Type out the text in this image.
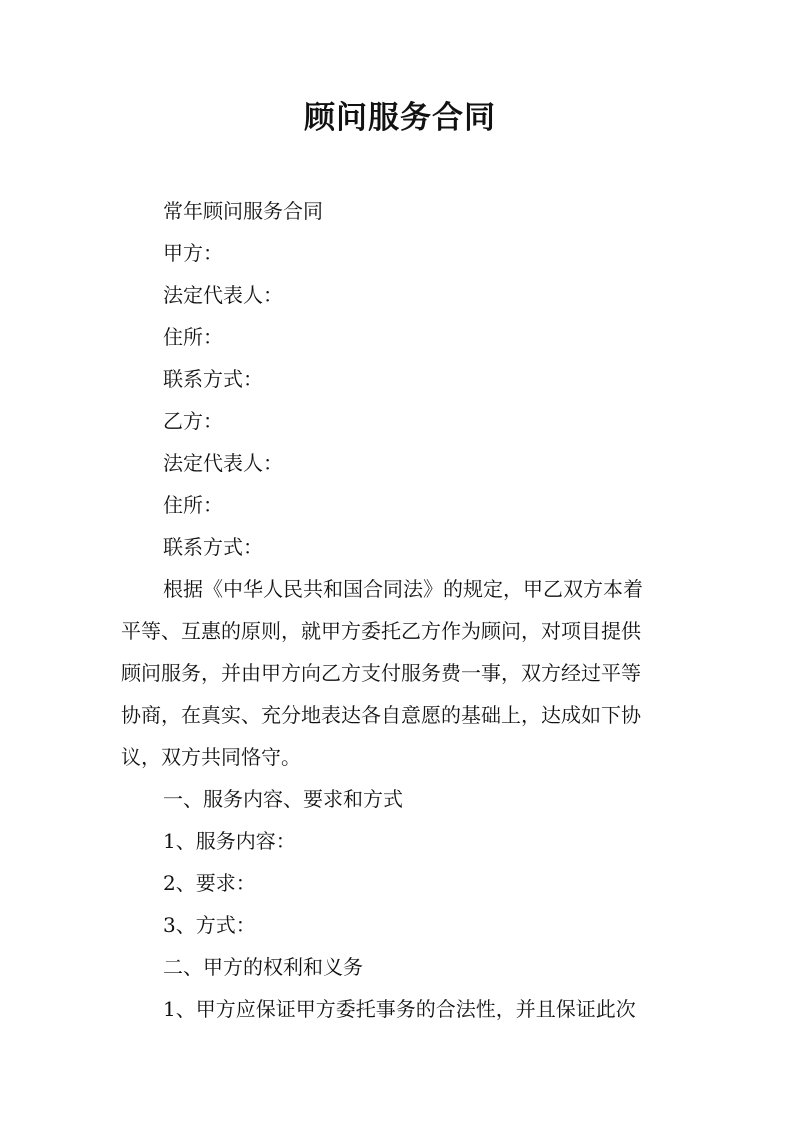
顾问服务合同
常年顾问服务合同
甲方：
法定代表人：
住所：
联系方式：
乙方：
法定代表人：
住所：
联系方式：
根据《中华人民共和国合同法》的规定，甲乙双方本着
平等、互惠的原则，就甲方委托乙方作为顾问，对项目提供
顾问服务，并由甲方向乙方支付服务费一事，双方经过平等
协商，在真实、充分地表达各自意愿的基础上，达成如下协
议，双方共同恪守。
一、服务内容、要求和方式
1、服务内容：
2、要求：
3、方式：
二、甲方的权利和义务
1、甲方应保证甲方委托事务的合法性，并且保证此次
